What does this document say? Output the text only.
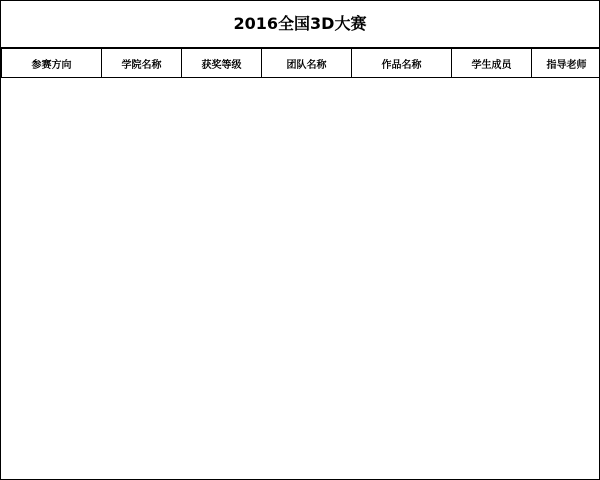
2016全国3D大赛
参赛方向	学院名称	获奖等级	团队名称	作品名称	学生成员	指导老师
